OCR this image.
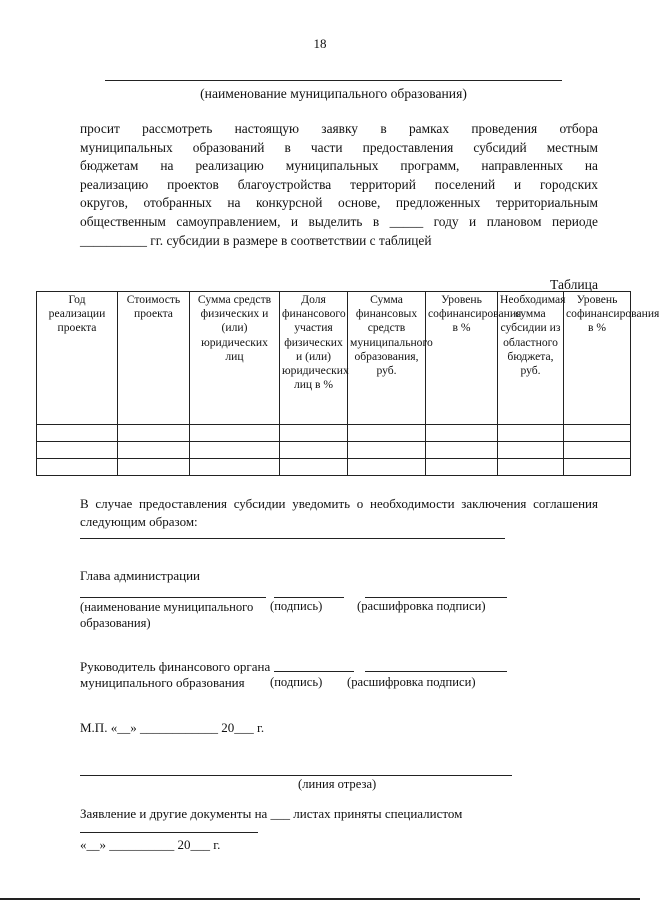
18
(наименование муниципального образования)

просит рассмотреть настоящую заявку в рамках проведения отбора
муниципальных образований в части предоставления субсидий местным
бюджетам на реализацию муниципальных программ, направленных на
реализацию проектов благоустройства территорий поселений и городских
округов, отобранных на конкурсной основе, предложенных территориальным
общественным самоуправлением, и выделить в _____ году и плановом периоде
__________ гг. субсидии в размере в соответствии с таблицей

Таблица
Год реализации проекта	Стоимость проекта	Сумма средств физических и (или) юридических лиц	Доля финансового участия физических и (или) юридических лиц в %	Сумма финансовых средств муниципального образования, руб.	Уровень софинансирования в %	Необходимая сумма субсидии из областного бюджета, руб.	Уровень софинансирования в %

В случае предоставления субсидии уведомить о необходимости заключения соглашения следующим образом:
Глава администрации
(наименование муниципального образования)
(подпись)	(расшифровка подписи)
Руководитель финансового органа
муниципального образования (подпись) (расшифровка подписи)
М.П. «__» ____________ 20___ г.
(линия отреза)
Заявление и другие документы на ___ листах приняты специалистом
«__» __________ 20___ г.
